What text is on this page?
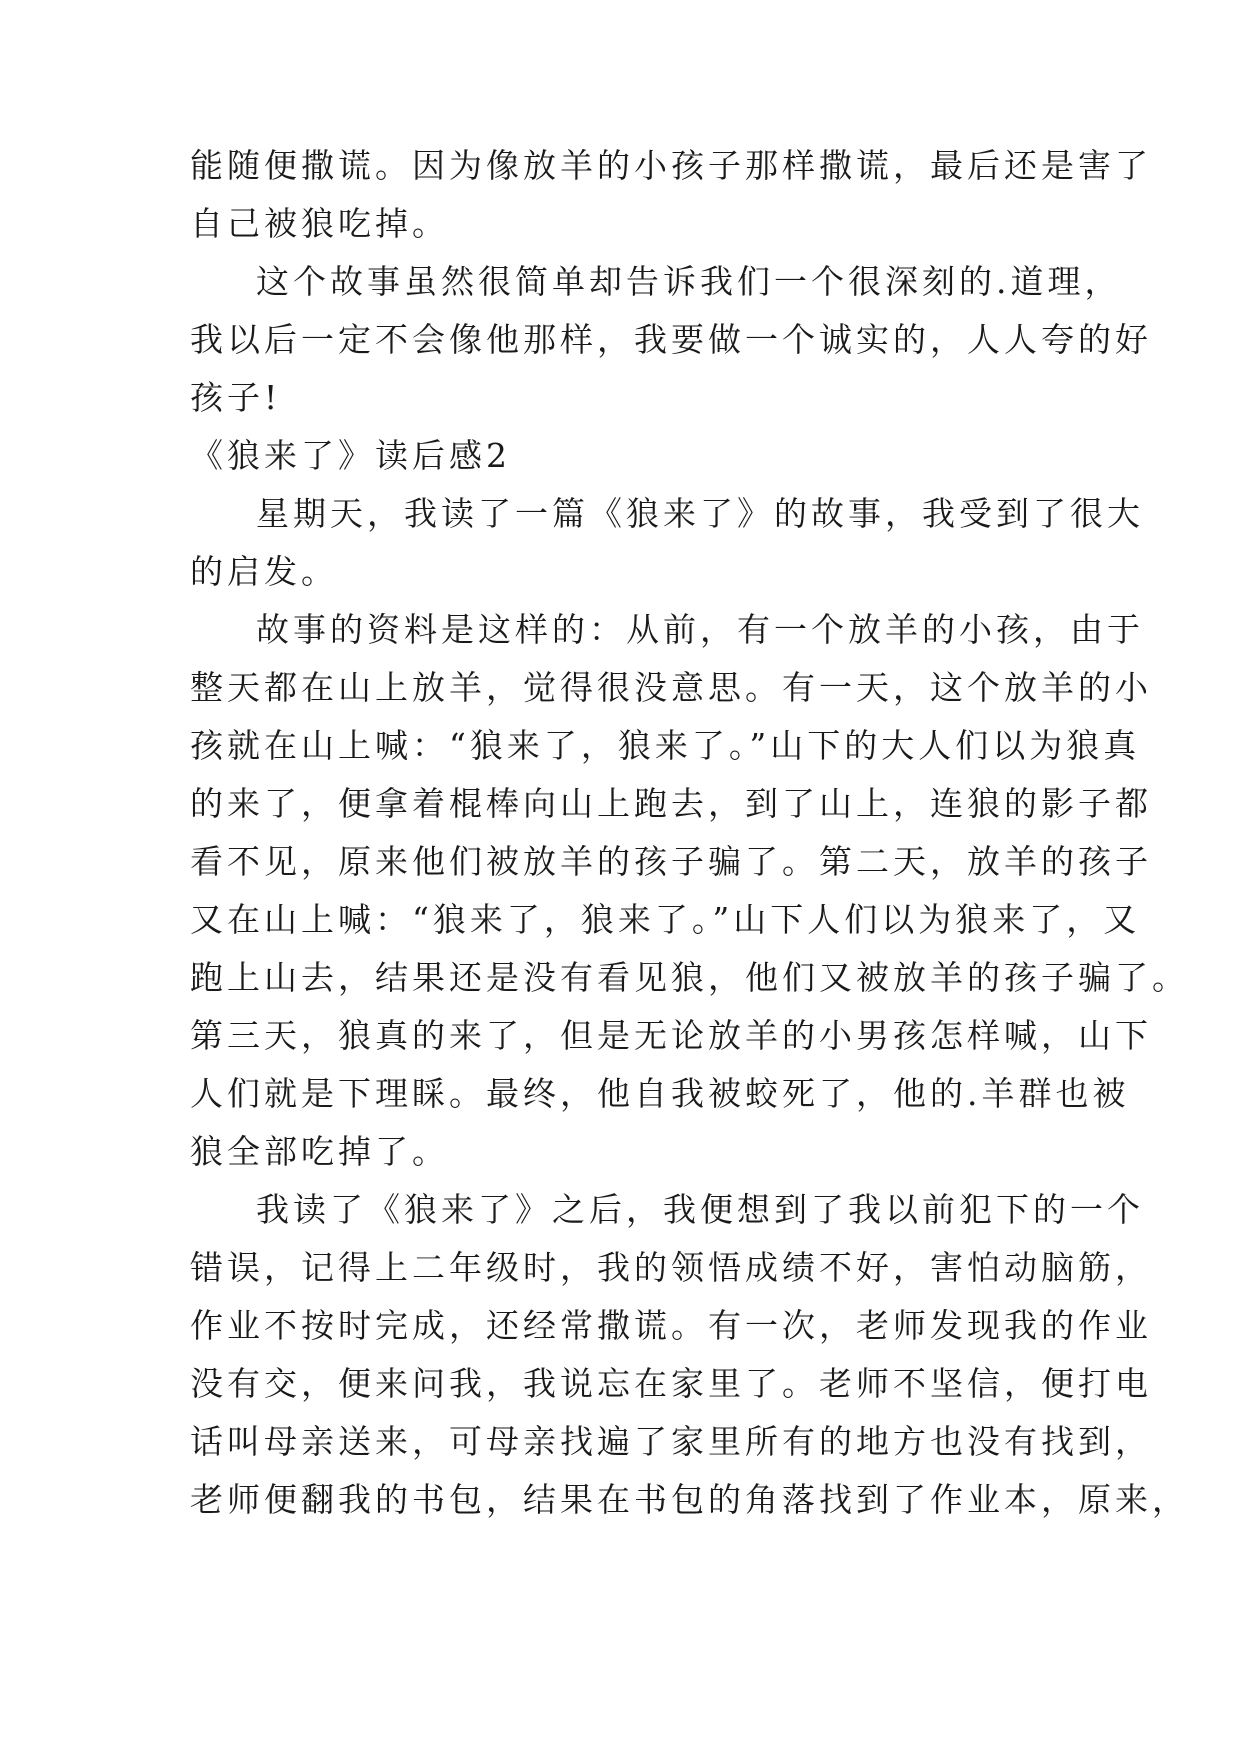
能随便撒谎。因为像放羊的小孩子那样撒谎，最后还是害了
自己被狼吃掉。
这个故事虽然很简单却告诉我们一个很深刻的.道理，
我以后一定不会像他那样，我要做一个诚实的，人人夸的好
孩子!
《狼来了》读后感2
星期天，我读了一篇《狼来了》的故事，我受到了很大
的启发。
故事的资料是这样的：从前，有一个放羊的小孩，由于
整天都在山上放羊，觉得很没意思。有一天，这个放羊的小
孩就在山上喊：“狼来了，狼来了。”山下的大人们以为狼真
的来了，便拿着棍棒向山上跑去，到了山上，连狼的影子都
看不见，原来他们被放羊的孩子骗了。第二天，放羊的孩子
又在山上喊：“狼来了，狼来了。”山下人们以为狼来了，又
跑上山去，结果还是没有看见狼，他们又被放羊的孩子骗了。
第三天，狼真的来了，但是无论放羊的小男孩怎样喊，山下
人们就是下理睬。最终，他自我被蛟死了，他的.羊群也被
狼全部吃掉了。
我读了《狼来了》之后，我便想到了我以前犯下的一个
错误，记得上二年级时，我的领悟成绩不好，害怕动脑筋，
作业不按时完成，还经常撒谎。有一次，老师发现我的作业
没有交，便来问我，我说忘在家里了。老师不坚信，便打电
话叫母亲送来，可母亲找遍了家里所有的地方也没有找到，
老师便翻我的书包，结果在书包的角落找到了作业本，原来，
